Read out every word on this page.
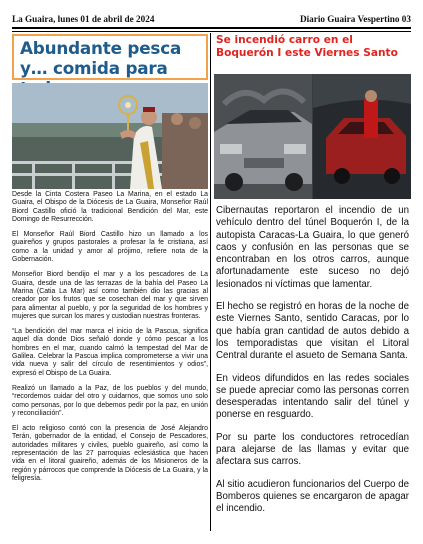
La Guaira, lunes 01 de abril de 2024	Diario Guaira Vespertino 03
Abundante pesca y… comida para

Desde la Cinta Costera Paseo La Marina, en el estado La Guaira, el Obispo de la Diócesis de La Guaira, Monseñor Raúl Biord Castillo ofició la tradicional Bendición del Mar, este Domingo de Resurrección.

El Monseñor Raúl Biord Castillo hizo un llamado a los guaireños y grupos pastorales a profesar la fe cristiana, así como a la unidad y amor al prójimo, refiere nota de la Gobernación.

Monseñor Biord bendijo el mar y a los pescadores de La Guaira, desde una de las terrazas de la bahía del Paseo La Marina (Catia La Mar) así como también dio las gracias al creador por los frutos que se cosechan del mar y que sirven para alimentar al pueblo, y por la seguridad de los hombres y mujeres que surcan los mares y custodian nuestras fronteras.

“La bendición del mar marca el inicio de la Pascua, significa aquel día donde Dios señaló donde y cómo pescar a los hombres en el mar, cuando calmó la tempestad del Mar de Galilea. Celebrar la Pascua implica comprometerse a vivir una vida nueva y salir del círculo de resentimientos y odios”, expresó el Obispo de La Guaira.

Realizó un llamado a la Paz, de los pueblos y del mundo, “recordemos cuidar del otro y cuidarnos, que somos uno solo como personas, por lo que debemos pedir por la paz, en unión y reconciliación”.

El acto religioso contó con la presencia de José Alejandro Terán, gobernador de la entidad, el Consejo de Pescadores, autoridades militares y civiles, pueblo guaireño, así como la representación de las 27 parroquias eclesiástica que hacen vida en el litoral guaireño, además de los Misioneros de la región y párrocos que comprende la Diócesis de La Guaira, y la feligresía.

Se incendió carro en el Boquerón I este Viernes Santo

Cibernautas reportaron el incendio de un vehículo dentro del túnel Boquerón I, de la autopista Caracas-La Guaira, lo que generó caos y confusión en las personas que se encontraban en los otros carros, aunque afortunadamente este suceso no dejó lesionados ni víctimas que lamentar.

El hecho se registró en horas de la noche de este Viernes Santo, sentido Caracas, por lo que había gran cantidad de autos debido a los temporadistas que visitan el Litoral Central durante el asueto de Semana Santa.

En videos difundidos en las redes sociales se puede apreciar como las personas corren desesperadas intentando salir del túnel y ponerse en resguardo.

Por su parte los conductores retrocedían para alejarse de las llamas y evitar que afectara sus carros.

Al sitio acudieron funcionarios del Cuerpo de Bomberos quienes se encargaron de apagar el incendio.
